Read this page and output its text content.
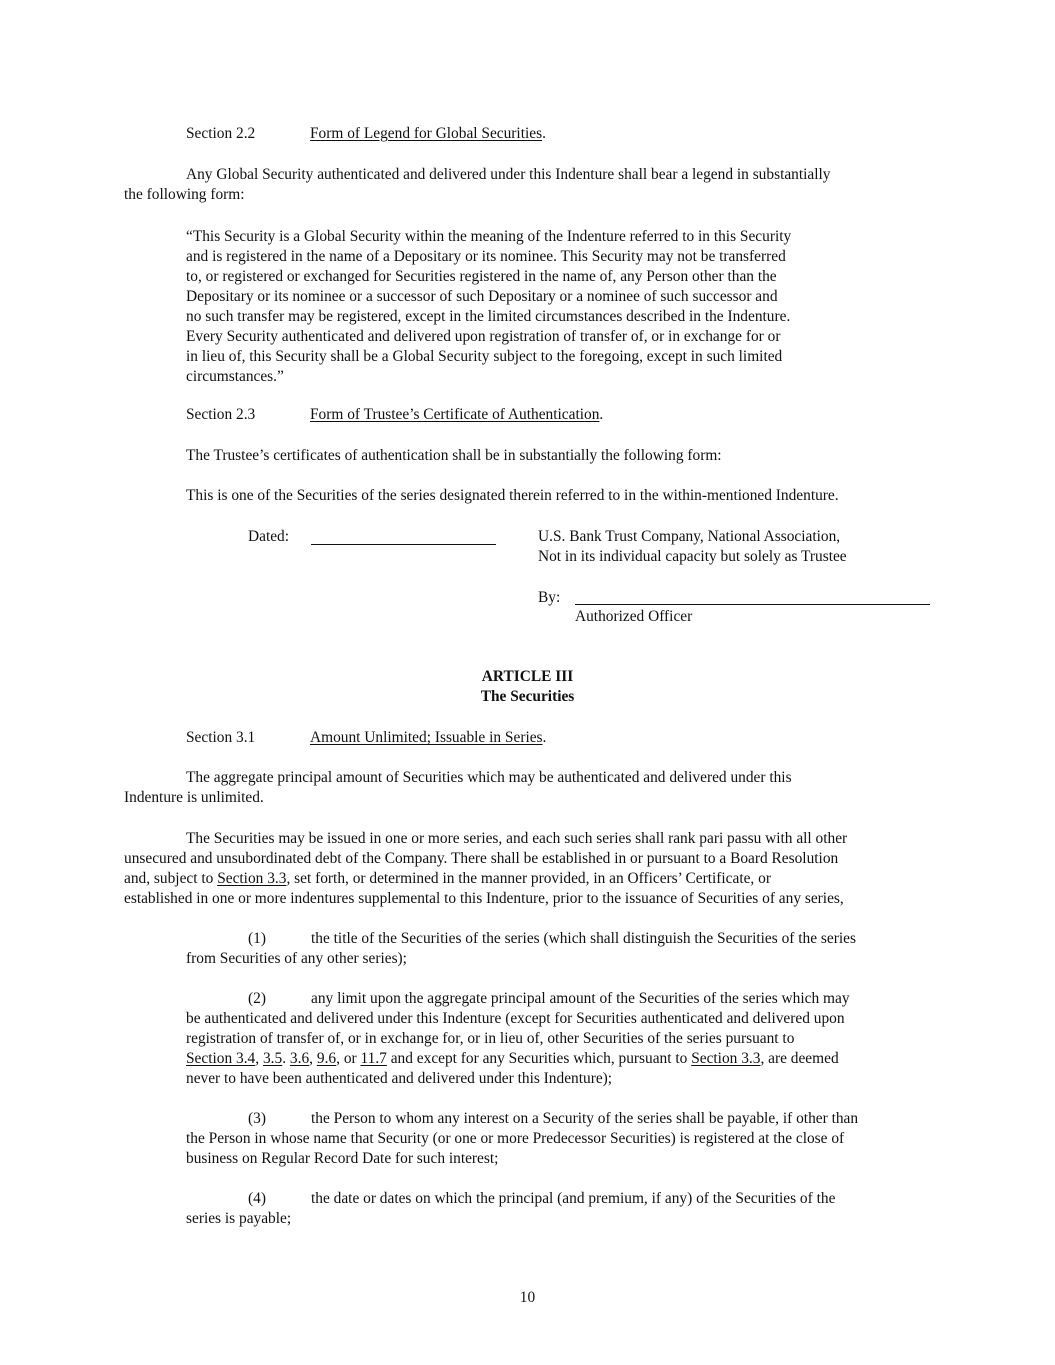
Section 2.2	Form of Legend for Global Securities.
Any Global Security authenticated and delivered under this Indenture shall bear a legend in substantially
the following form:
“This Security is a Global Security within the meaning of the Indenture referred to in this Security
and is registered in the name of a Depositary or its nominee. This Security may not be transferred
to, or registered or exchanged for Securities registered in the name of, any Person other than the
Depositary or its nominee or a successor of such Depositary or a nominee of such successor and
no such transfer may be registered, except in the limited circumstances described in the Indenture.
Every Security authenticated and delivered upon registration of transfer of, or in exchange for or
in lieu of, this Security shall be a Global Security subject to the foregoing, except in such limited
circumstances.”
Section 2.3	Form of Trustee’s Certificate of Authentication.
The Trustee’s certificates of authentication shall be in substantially the following form:
This is one of the Securities of the series designated therein referred to in the within-mentioned Indenture.
Dated:	U.S. Bank Trust Company, National Association,
Not in its individual capacity but solely as Trustee
By:
Authorized Officer
ARTICLE III
The Securities
Section 3.1	Amount Unlimited; Issuable in Series.
The aggregate principal amount of Securities which may be authenticated and delivered under this
Indenture is unlimited.
The Securities may be issued in one or more series, and each such series shall rank pari passu with all other
unsecured and unsubordinated debt of the Company. There shall be established in or pursuant to a Board Resolution
and, subject to Section 3.3, set forth, or determined in the manner provided, in an Officers’ Certificate, or
established in one or more indentures supplemental to this Indenture, prior to the issuance of Securities of any series,
(1)	the title of the Securities of the series (which shall distinguish the Securities of the series
from Securities of any other series);
(2)	any limit upon the aggregate principal amount of the Securities of the series which may
be authenticated and delivered under this Indenture (except for Securities authenticated and delivered upon
registration of transfer of, or in exchange for, or in lieu of, other Securities of the series pursuant to
Section 3.4, 3.5. 3.6, 9.6, or 11.7 and except for any Securities which, pursuant to Section 3.3, are deemed
never to have been authenticated and delivered under this Indenture);
(3)	the Person to whom any interest on a Security of the series shall be payable, if other than
the Person in whose name that Security (or one or more Predecessor Securities) is registered at the close of
business on Regular Record Date for such interest;
(4)	the date or dates on which the principal (and premium, if any) of the Securities of the
series is payable;
10
